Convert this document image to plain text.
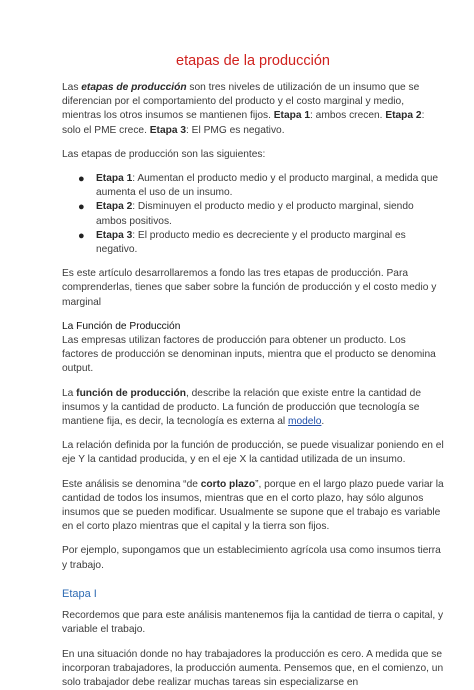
etapas de la producción

Las etapas de producción son tres niveles de utilización de un insumo que se diferencian por el comportamiento del producto y el costo marginal y medio, mientras los otros insumos se mantienen fijos. Etapa 1: ambos crecen. Etapa 2: solo el PME crece. Etapa 3: El PMG es negativo.

Las etapas de producción son las siguientes:

● Etapa 1: Aumentan el producto medio y el producto marginal, a medida que aumenta el uso de un insumo.
● Etapa 2: Disminuyen el producto medio y el producto marginal, siendo ambos positivos.
● Etapa 3: El producto medio es decreciente y el producto marginal es negativo.

Es este artículo desarrollaremos a fondo las tres etapas de producción. Para comprenderlas, tienes que saber sobre la función de producción y el costo medio y marginal

La Función de Producción

Las empresas utilizan factores de producción para obtener un producto. Los factores de producción se denominan inputs, mientra que el producto se denomina output.

La función de producción, describe la relación que existe entre la cantidad de insumos y la cantidad de producto. La función de producción que tecnología se mantiene fija, es decir, la tecnología es externa al modelo.

La relación definida por la función de producción, se puede visualizar poniendo en el eje Y la cantidad producida, y en el eje X la cantidad utilizada de un insumo.

Este análisis se denomina “de corto plazo”, porque en el largo plazo puede variar la cantidad de todos los insumos, mientras que en el corto plazo, hay sólo algunos insumos que se pueden modificar. Usualmente se supone que el trabajo es variable en el corto plazo mientras que el capital y la tierra son fijos.

Por ejemplo, supongamos que un establecimiento agrícola usa como insumos tierra y trabajo.

Etapa I

Recordemos que para este análisis mantenemos fija la cantidad de tierra o capital, y variable el trabajo.

En una situación donde no hay trabajadores la producción es cero. A medida que se incorporan trabajadores, la producción aumenta. Pensemos que, en el comienzo, un solo trabajador debe realizar muchas tareas sin especializarse en
